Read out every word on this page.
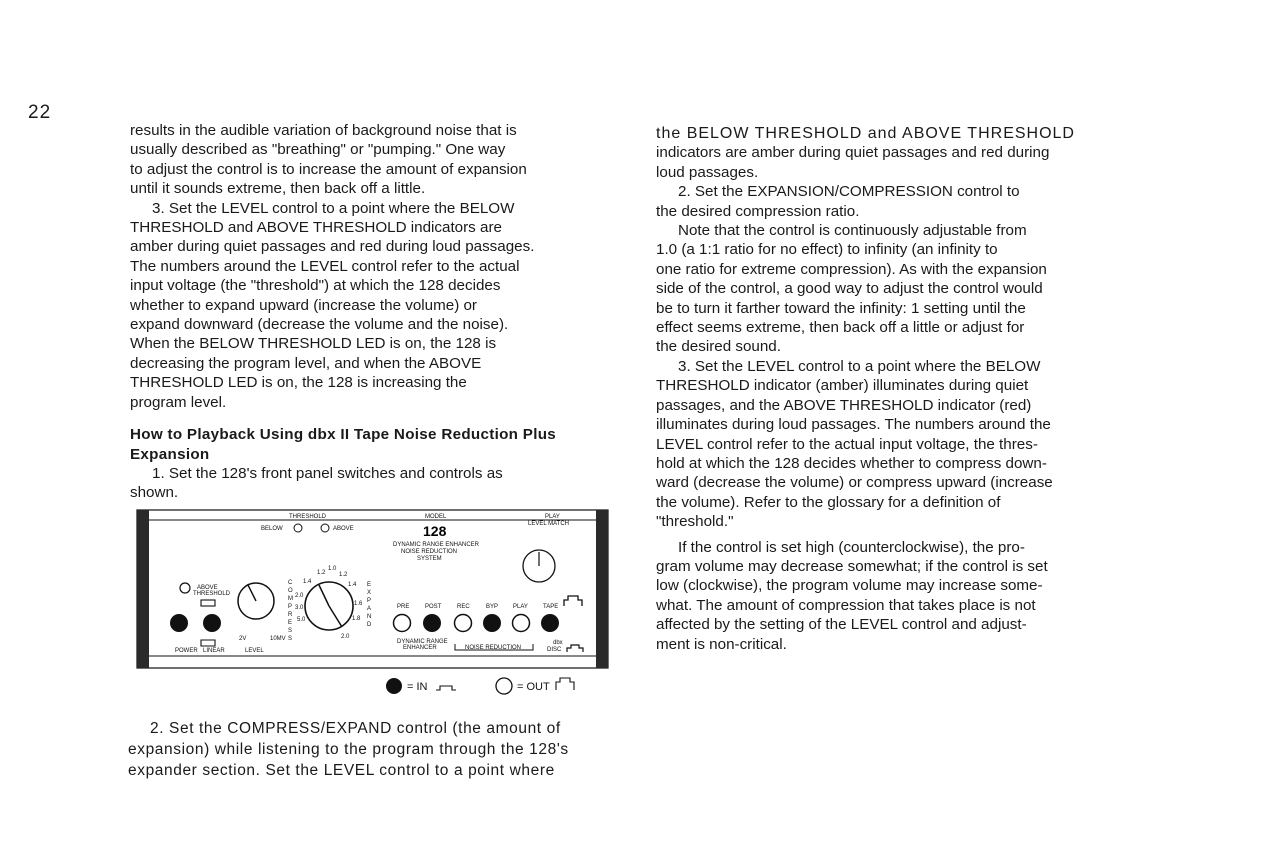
22

results in the audible variation of background noise that is
usually described as "breathing" or "pumping." One way
to adjust the control is to increase the amount of expansion
until it sounds extreme, then back off a little.

3. Set the LEVEL control to a point where the BELOW
THRESHOLD and ABOVE THRESHOLD indicators are
amber during quiet passages and red during loud passages.
The numbers around the LEVEL control refer to the actual
input voltage (the "threshold") at which the 128 decides
whether to expand upward (increase the volume) or
expand downward (decrease the volume and the noise).
When the BELOW THRESHOLD LED is on, the 128 is
decreasing the program level, and when the ABOVE
THRESHOLD LED is on, the 128 is increasing the
program level.

How to Playback Using dbx II Tape Noise Reduction Plus
Expansion

1. Set the 128's front panel switches and controls as
shown.

THRESHOLD
BELOW	ABOVE
MODEL
128
DYNAMIC RANGE ENHANCER
NOISE REDUCTION
SYSTEM
PLAY
LEVEL MATCH
ABOVE
THRESHOLD
2V	10MV
LEVEL
C
O
M
P
R
E
S
S
1.2
1.0
1.2
1.4	1.4
1.6
1.8
2.0
2.0
3.0
5.0
E
X
P
A
N
D
PRE	POST	REC	BYP PLAY	TAPE
POWER LINEAR
DYNAMIC RANGE
ENHANCER	NOISE REDUCTION
dbx
DISC
= IN	= OUT

2. Set the COMPRESS/EXPAND control (the amount of
expansion) while listening to the program through the 128's
expander section. Set the LEVEL control to a point where

the BELOW THRESHOLD and ABOVE THRESHOLD
indicators are amber during quiet passages and red during
loud passages.

2. Set the EXPANSION/COMPRESSION control to
the desired compression ratio.

Note that the control is continuously adjustable from
1.0 (a 1:1 ratio for no effect) to infinity (an infinity to
one ratio for extreme compression). As with the expansion
side of the control, a good way to adjust the control would
be to turn it farther toward the infinity: 1 setting until the
effect seems extreme, then back off a little or adjust for
the desired sound.

3. Set the LEVEL control to a point where the BELOW
THRESHOLD indicator (amber) illuminates during quiet
passages, and the ABOVE THRESHOLD indicator (red)
illuminates during loud passages. The numbers around the
LEVEL control refer to the actual input voltage, the thres-
hold at which the 128 decides whether to compress down-
ward (decrease the volume) or compress upward (increase
the volume). Refer to the glossary for a definition of
"threshold."

If the control is set high (counterclockwise), the pro-
gram volume may decrease somewhat; if the control is set
low (clockwise), the program volume may increase some-
what. The amount of compression that takes place is not
affected by the setting of the LEVEL control and adjust-
ment is non-critical.
